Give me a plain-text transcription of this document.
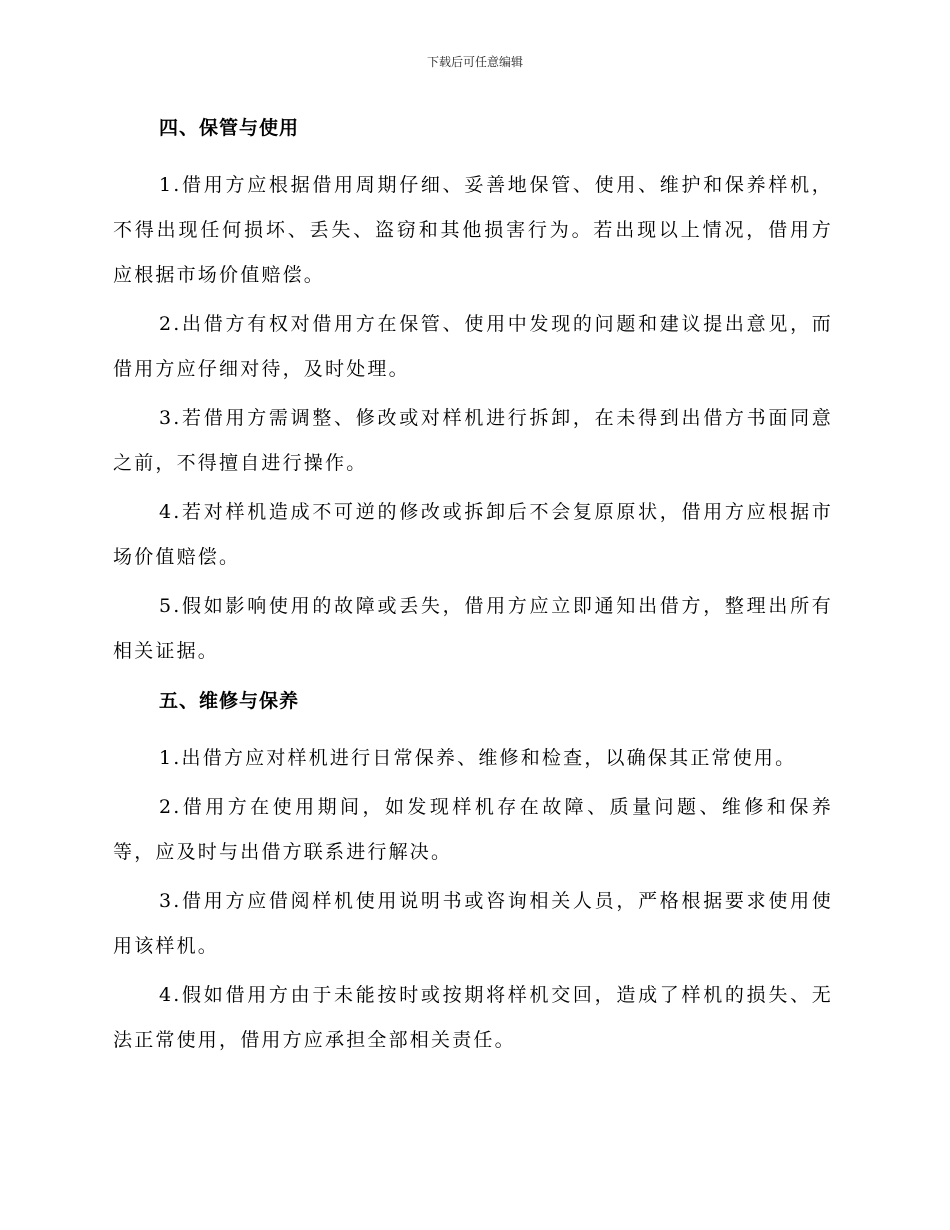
下载后可任意编辑
四、保管与使用

1.借用方应根据借用周期仔细、妥善地保管、使用、维护和保养样机，不得出现任何损坏、丢失、盗窃和其他损害行为。若出现以上情况，借用方应根据市场价值赔偿。

2.出借方有权对借用方在保管、使用中发现的问题和建议提出意见，而借用方应仔细对待，及时处理。

3.若借用方需调整、修改或对样机进行拆卸，在未得到出借方书面同意之前，不得擅自进行操作。

4.若对样机造成不可逆的修改或拆卸后不会复原原状，借用方应根据市场价值赔偿。

5.假如影响使用的故障或丢失，借用方应立即通知出借方，整理出所有相关证据。

五、维修与保养

1.出借方应对样机进行日常保养、维修和检查，以确保其正常使用。

2.借用方在使用期间，如发现样机存在故障、质量问题、维修和保养等，应及时与出借方联系进行解决。

3.借用方应借阅样机使用说明书或咨询相关人员，严格根据要求使用使用该样机。

4.假如借用方由于未能按时或按期将样机交回，造成了样机的损失、无法正常使用，借用方应承担全部相关责任。
